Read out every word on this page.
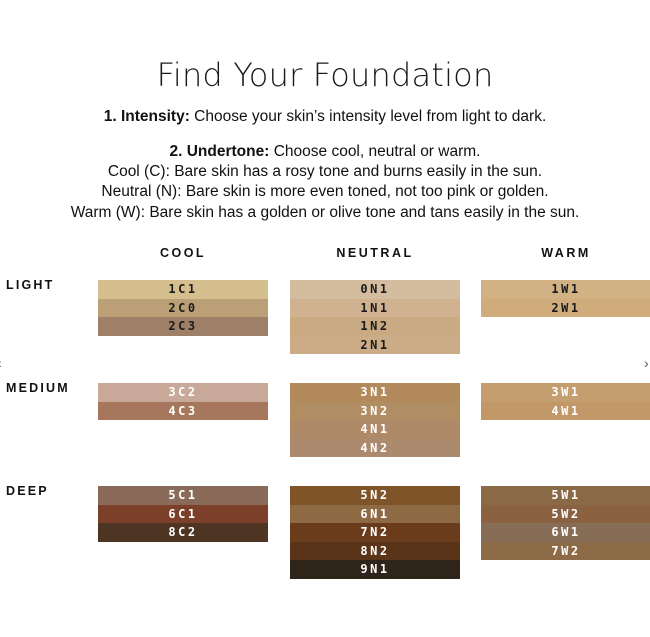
Find Your Foundation
1. Intensity: Choose your skin’s intensity level from light to dark.
2. Undertone: Choose cool, neutral or warm.
Cool (C): Bare skin has a rosy tone and burns easily in the sun.
Neutral (N): Bare skin is more even toned, not too pink or golden.
Warm (W): Bare skin has a golden or olive tone and tans easily in the sun.
COOL	NEUTRAL	WARM
LIGHT
MEDIUM
DEEP
›
1C1
2C0
2C3
0N1
1N1
1N2
2N1
1W1
2W1
3C2
4C3
3N1
3N2
4N1
4N2
3W1
4W1
5C1
6C1
8C2
5N2
6N1
7N2
8N2
9N1
5W1
5W2
6W1
7W2
